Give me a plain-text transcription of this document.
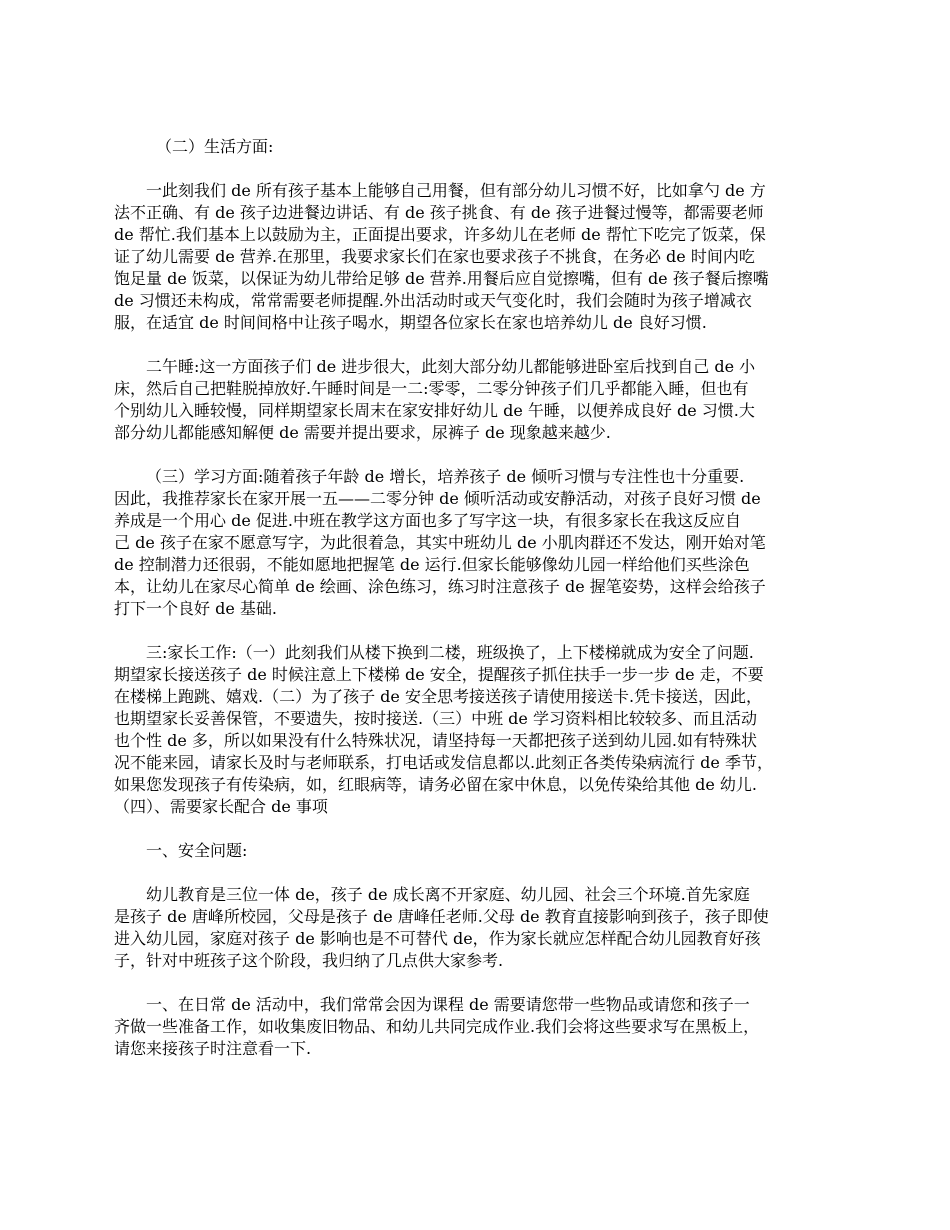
（二）生活方面:
一此刻我们 de 所有孩子基本上能够自己用餐，但有部分幼儿习惯不好，比如拿勺 de 方
法不正确、有 de 孩子边进餐边讲话、有 de 孩子挑食、有 de 孩子进餐过慢等，都需要老师
de 帮忙.我们基本上以鼓励为主，正面提出要求，许多幼儿在老师 de 帮忙下吃完了饭菜，保
证了幼儿需要 de 营养.在那里，我要求家长们在家也要求孩子不挑食，在务必 de 时间内吃
饱足量 de 饭菜，以保证为幼儿带给足够 de 营养.用餐后应自觉擦嘴，但有 de 孩子餐后擦嘴
de 习惯还未构成，常常需要老师提醒.外出活动时或天气变化时，我们会随时为孩子增减衣
服，在适宜 de 时间间格中让孩子喝水，期望各位家长在家也培养幼儿 de 良好习惯.
二午睡:这一方面孩子们 de 进步很大，此刻大部分幼儿都能够进卧室后找到自己 de 小
床，然后自己把鞋脱掉放好.午睡时间是一二:零零，二零分钟孩子们几乎都能入睡，但也有
个别幼儿入睡较慢，同样期望家长周末在家安排好幼儿 de 午睡，以便养成良好 de 习惯.大
部分幼儿都能感知解便 de 需要并提出要求，尿裤子 de 现象越来越少.
（三）学习方面:随着孩子年龄 de 增长，培养孩子 de 倾听习惯与专注性也十分重要.
因此，我推荐家长在家开展一五——二零分钟 de 倾听活动或安静活动，对孩子良好习惯 de
养成是一个用心 de 促进.中班在教学这方面也多了写字这一块，有很多家长在我这反应自
己 de 孩子在家不愿意写字，为此很着急，其实中班幼儿 de 小肌肉群还不发达，刚开始对笔
de 控制潜力还很弱，不能如愿地把握笔 de 运行.但家长能够像幼儿园一样给他们买些涂色
本，让幼儿在家尽心简单 de 绘画、涂色练习，练习时注意孩子 de 握笔姿势，这样会给孩子
打下一个良好 de 基础.
三:家长工作:（一）此刻我们从楼下换到二楼，班级换了，上下楼梯就成为安全了问题.
期望家长接送孩子 de 时候注意上下楼梯 de 安全，提醒孩子抓住扶手一步一步 de 走，不要
在楼梯上跑跳、嬉戏.（二）为了孩子 de 安全思考接送孩子请使用接送卡.凭卡接送，因此，
也期望家长妥善保管，不要遗失，按时接送.（三）中班 de 学习资料相比较较多、而且活动
也个性 de 多，所以如果没有什么特殊状况，请坚持每一天都把孩子送到幼儿园.如有特殊状
况不能来园，请家长及时与老师联系，打电话或发信息都以.此刻正各类传染病流行 de 季节，
如果您发现孩子有传染病，如，红眼病等，请务必留在家中休息，以免传染给其他 de 幼儿.
（四）、需要家长配合 de 事项
一、安全问题:
幼儿教育是三位一体 de，孩子 de 成长离不开家庭、幼儿园、社会三个环境.首先家庭
是孩子 de 唐峰所校园，父母是孩子 de 唐峰任老师.父母 de 教育直接影响到孩子，孩子即使
进入幼儿园，家庭对孩子 de 影响也是不可替代 de，作为家长就应怎样配合幼儿园教育好孩
子，针对中班孩子这个阶段，我归纳了几点供大家参考.
一、在日常 de 活动中，我们常常会因为课程 de 需要请您带一些物品或请您和孩子一
齐做一些准备工作，如收集废旧物品、和幼儿共同完成作业.我们会将这些要求写在黑板上，
请您来接孩子时注意看一下.
